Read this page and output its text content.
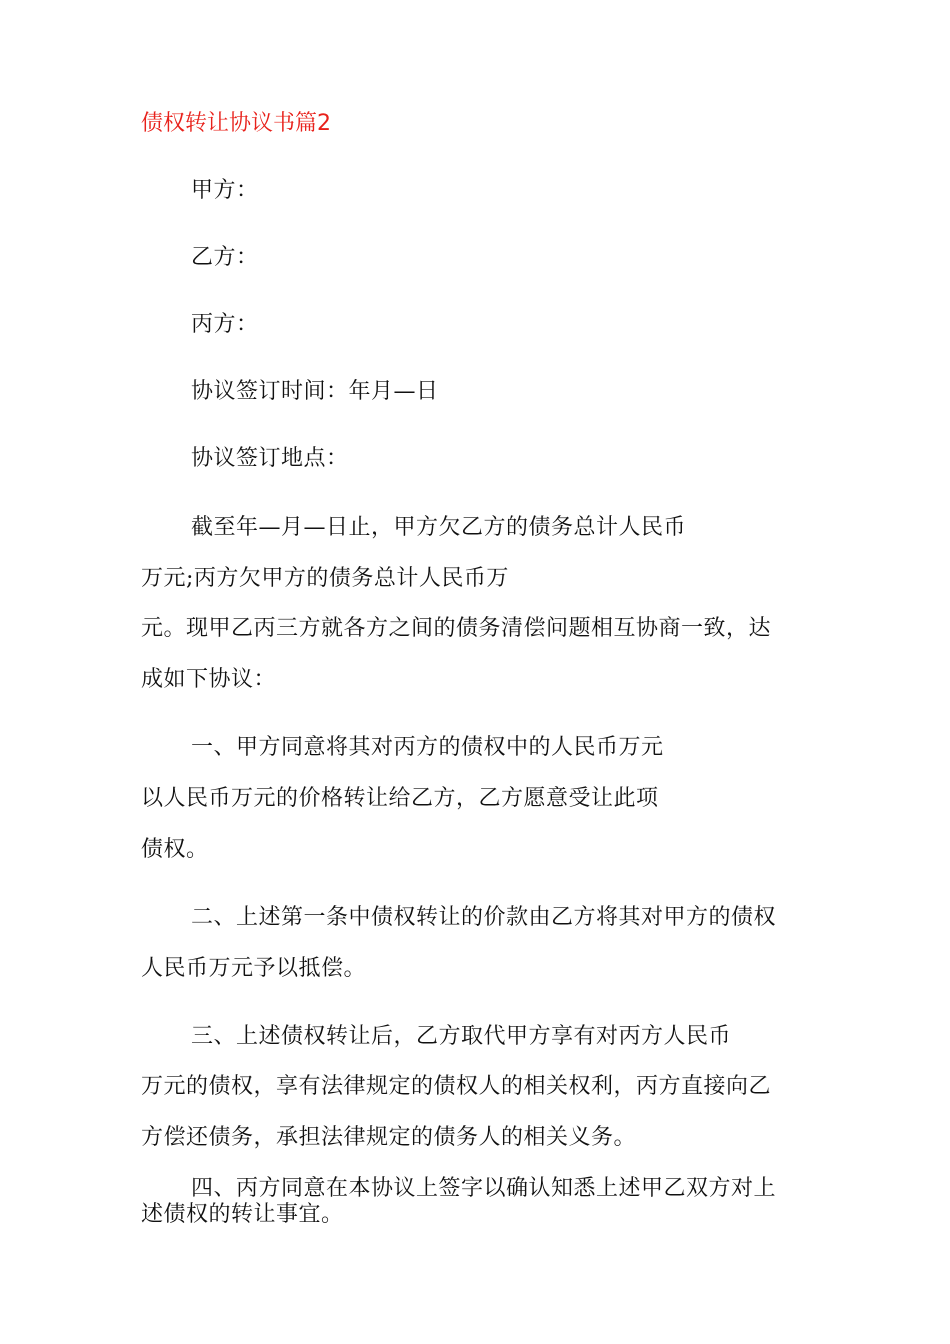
债权转让协议书篇2
甲方：
乙方：
丙方：
协议签订时间：年月—日
协议签订地点：
截至年—月—日止，甲方欠乙方的债务总计人民币
万元;丙方欠甲方的债务总计人民币万
元。现甲乙丙三方就各方之间的债务清偿问题相互协商一致，达
成如下协议：
一、甲方同意将其对丙方的债权中的人民币万元
以人民币万元的价格转让给乙方，乙方愿意受让此项
债权。
二、上述第一条中债权转让的价款由乙方将其对甲方的债权
人民币万元予以抵偿。
三、上述债权转让后，乙方取代甲方享有对丙方人民币
万元的债权，享有法律规定的债权人的相关权利，丙方直接向乙
方偿还债务，承担法律规定的债务人的相关义务。
四、丙方同意在本协议上签字以确认知悉上述甲乙双方对上
述债权的转让事宜。
